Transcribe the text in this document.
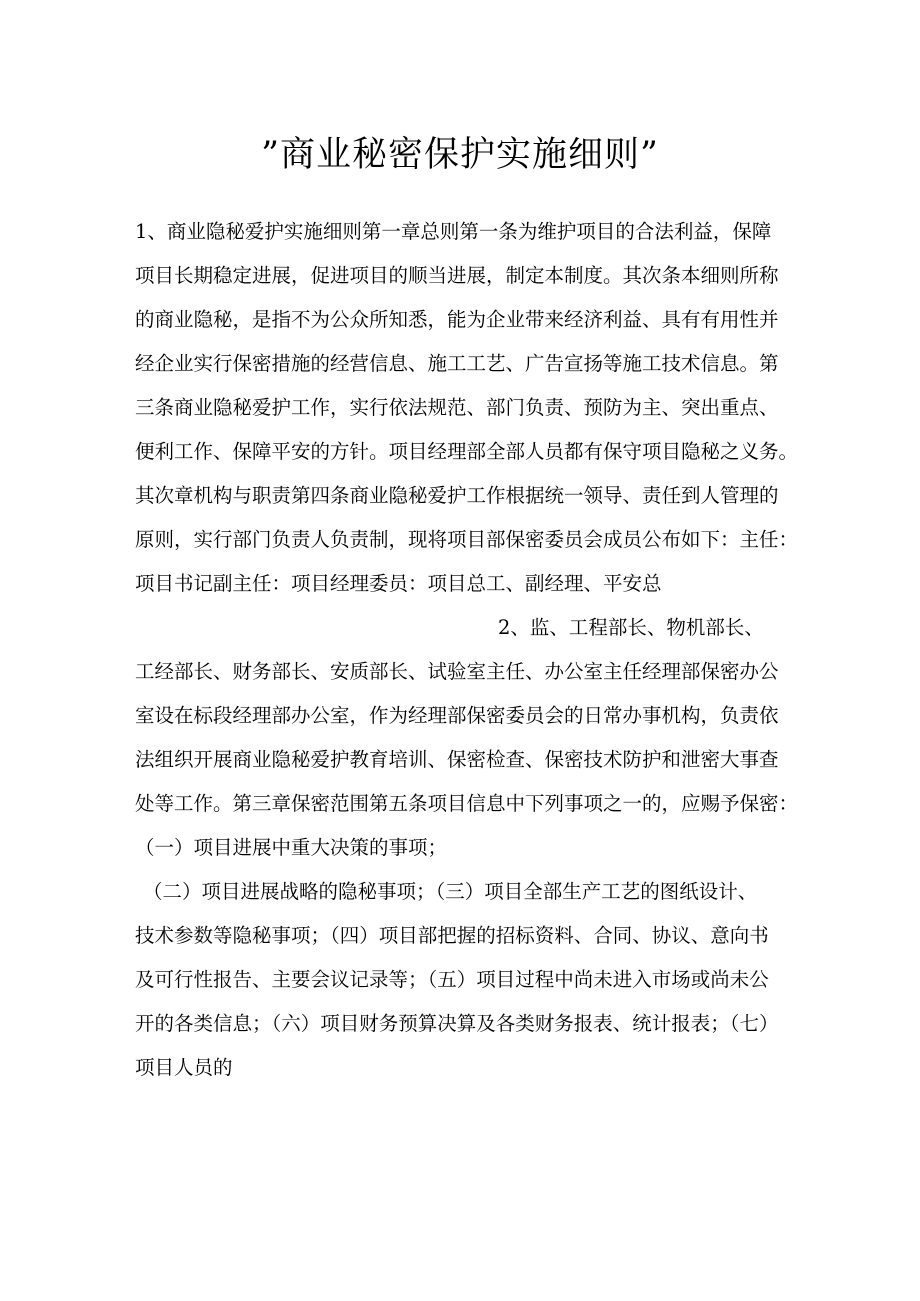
”商业秘密保护实施细则”
1、商业隐秘爱护实施细则第一章总则第一条为维护项目的合法利益，保障
项目长期稳定进展，促进项目的顺当进展，制定本制度。其次条本细则所称
的商业隐秘，是指不为公众所知悉，能为企业带来经济利益、具有有用性并
经企业实行保密措施的经营信息、施工工艺、广告宣扬等施工技术信息。第
三条商业隐秘爱护工作，实行依法规范、部门负责、预防为主、突出重点、
便利工作、保障平安的方针。项目经理部全部人员都有保守项目隐秘之义务。
其次章机构与职责第四条商业隐秘爱护工作根据统一领导、责任到人管理的
原则，实行部门负责人负责制，现将项目部保密委员会成员公布如下：主任：
项目书记副主任：项目经理委员：项目总工、副经理、平安总
2、监、工程部长、物机部长、
工经部长、财务部长、安质部长、试验室主任、办公室主任经理部保密办公
室设在标段经理部办公室，作为经理部保密委员会的日常办事机构，负责依
法组织开展商业隐秘爱护教育培训、保密检查、保密技术防护和泄密大事查
处等工作。第三章保密范围第五条项目信息中下列事项之一的，应赐予保密：
（一）项目进展中重大决策的事项；
（二）项目进展战略的隐秘事项；（三）项目全部生产工艺的图纸设计、
技术参数等隐秘事项；（四）项目部把握的招标资料、合同、协议、意向书
及可行性报告、主要会议记录等；（五）项目过程中尚未进入市场或尚未公
开的各类信息；（六）项目财务预算决算及各类财务报表、统计报表；（七）
项目人员的
